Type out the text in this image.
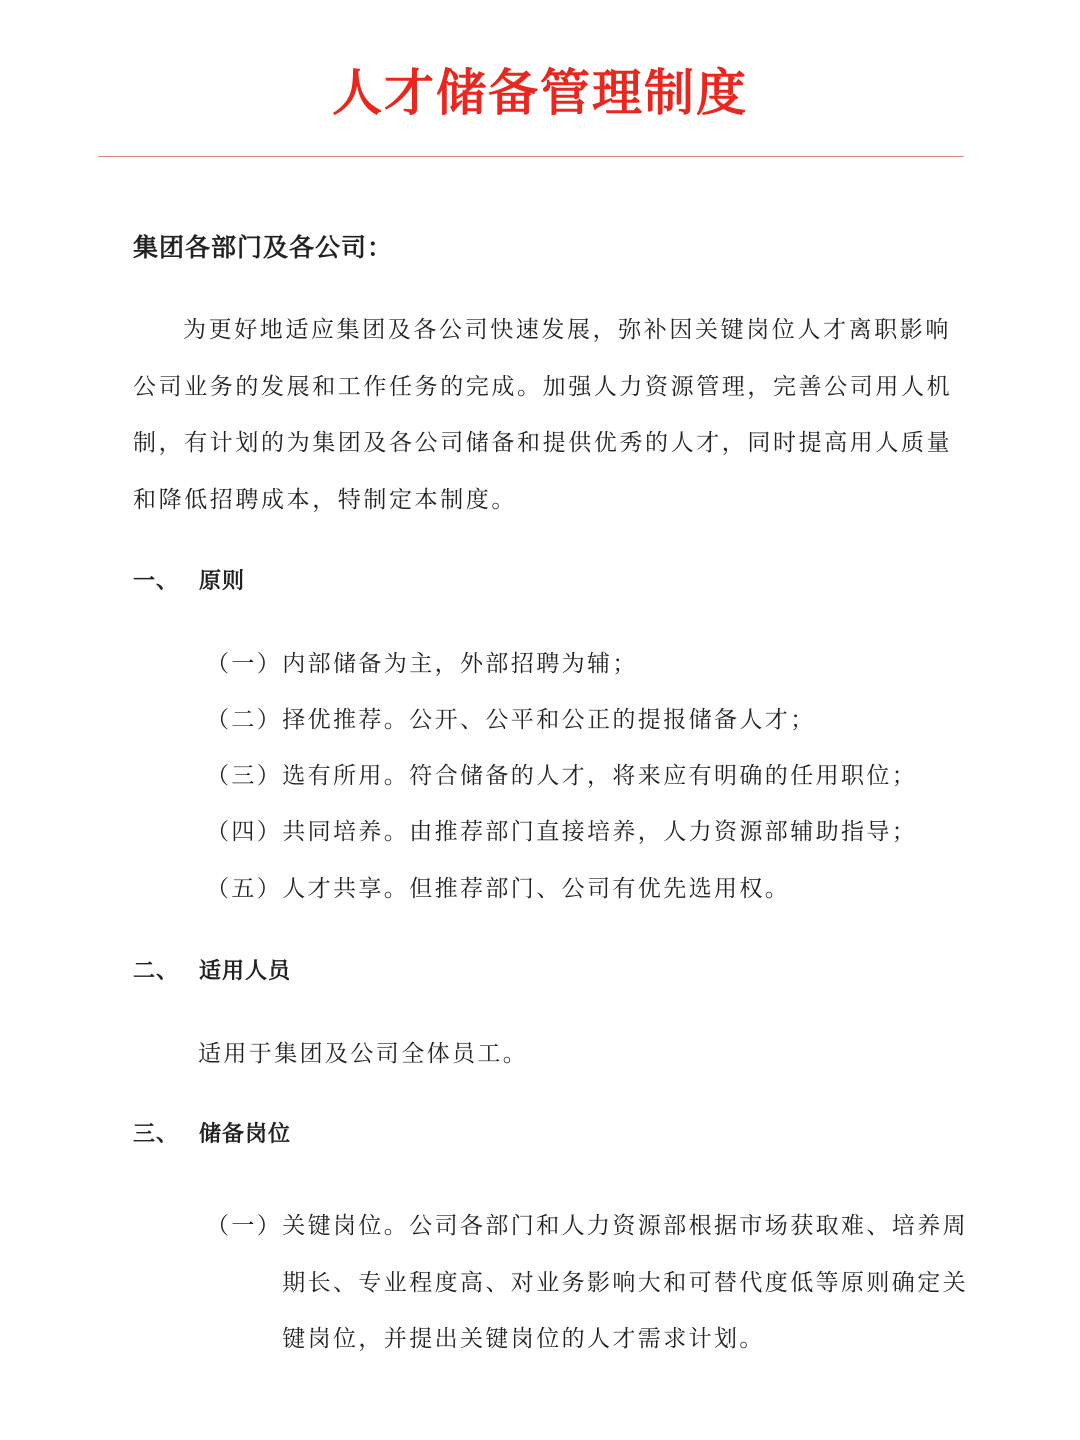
人才储备管理制度
集团各部门及各公司：

为更好地适应集团及各公司快速发展，弥补因关键岗位人才离职影响公司业务的发展和工作任务的完成。加强人力资源管理，完善公司用人机制，有计划的为集团及各公司储备和提供优秀的人才，同时提高用人质量和降低招聘成本，特制定本制度。

一、 原则
（一）内部储备为主，外部招聘为辅；
（二）择优推荐。公开、公平和公正的提报储备人才；
（三）选有所用。符合储备的人才，将来应有明确的任用职位；
（四）共同培养。由推荐部门直接培养，人力资源部辅助指导；
（五）人才共享。但推荐部门、公司有优先选用权。
二、 适用人员
适用于集团及公司全体员工。
三、 储备岗位
（一） 关键岗位。公司各部门和人力资源部根据市场获取难、培养周期长、专业程度高、对业务影响大和可替代度低等原则确定关键岗位，并提出关键岗位的人才需求计划。
